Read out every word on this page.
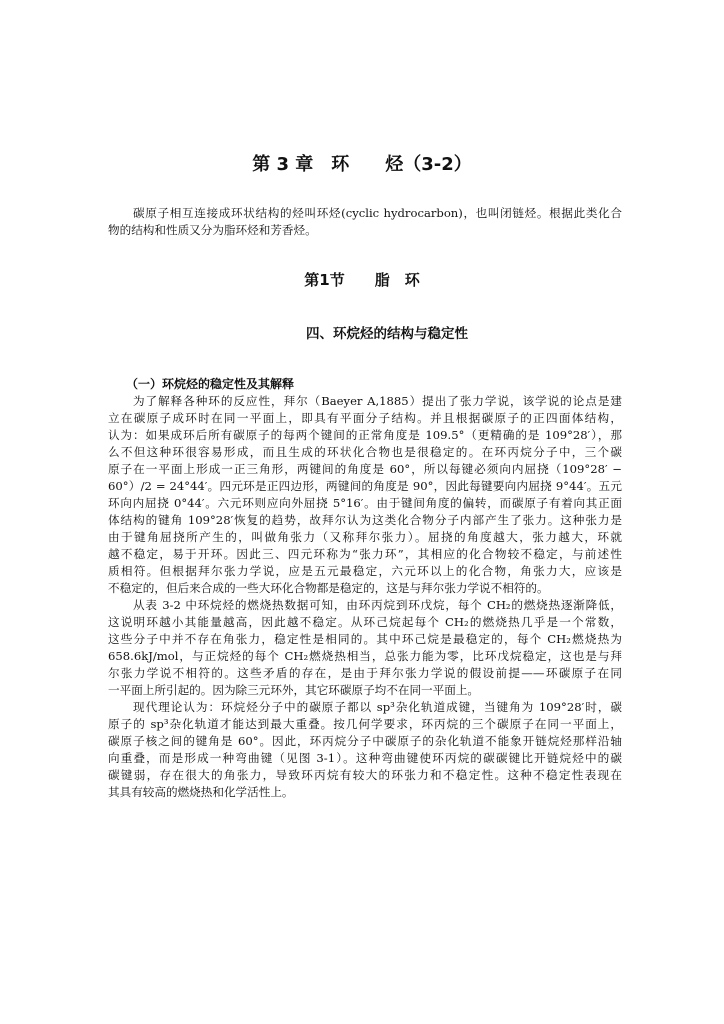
第 3 章　环　　烃（3-2）
碳原子相互连接成环状结构的烃叫环烃(cyclic hydrocarbon)，也叫闭链烃。根据此类化合
物的结构和性质又分为脂环烃和芳香烃。
第1节　　脂　环
四、环烷烃的结构与稳定性
（一）环烷烃的稳定性及其解释
为了解释各种环的反应性，拜尔（Baeyer A,1885）提出了张力学说，该学说的论点是建
立在碳原子成环时在同一平面上，即具有平面分子结构。并且根据碳原子的正四面体结构，
认为：如果成环后所有碳原子的每两个键间的正常角度是 109.5°（更精确的是 109°28′），那
么不但这种环很容易形成，而且生成的环状化合物也是很稳定的。在环丙烷分子中，三个碳
原子在一平面上形成一正三角形，两键间的角度是 60°，所以每键必须向内屈挠（109°28′ −
60°）/2 = 24°44′。四元环是正四边形，两键间的角度是 90°，因此每键要向内屈挠 9°44′。五元
环向内屈挠 0°44′。六元环则应向外屈挠 5°16′。由于键间角度的偏转，而碳原子有着向其正面
体结构的键角 109°28′恢复的趋势，故拜尔认为这类化合物分子内部产生了张力。这种张力是
由于键角屈挠所产生的，叫做角张力（又称拜尔张力）。屈挠的角度越大，张力越大，环就
越不稳定，易于开环。因此三、四元环称为“张力环”，其相应的化合物较不稳定，与前述性
质相符。但根据拜尔张力学说，应是五元最稳定，六元环以上的化合物，角张力大，应该是
不稳定的，但后来合成的一些大环化合物都是稳定的，这是与拜尔张力学说不相符的。
从表 3-2 中环烷烃的燃烧热数据可知，由环丙烷到环戊烷，每个 CH₂的燃烧热逐渐降低，
这说明环越小其能量越高，因此越不稳定。从环己烷起每个 CH₂的燃烧热几乎是一个常数，
这些分子中并不存在角张力，稳定性是相同的。其中环己烷是最稳定的，每个 CH₂燃烧热为
658.6kJ/mol，与正烷烃的每个 CH₂燃烧热相当，总张力能为零，比环戊烷稳定，这也是与拜
尔张力学说不相符的。这些矛盾的存在，是由于拜尔张力学说的假设前提——环碳原子在同
一平面上所引起的。因为除三元环外，其它环碳原子均不在同一平面上。
现代理论认为：环烷烃分子中的碳原子都以 sp³杂化轨道成键，当键角为 109°28′时，碳
原子的 sp³杂化轨道才能达到最大重叠。按几何学要求，环丙烷的三个碳原子在同一平面上，
碳原子核之间的键角是 60°。因此，环丙烷分子中碳原子的杂化轨道不能象开链烷烃那样沿轴
向重叠，而是形成一种弯曲键（见图 3-1）。这种弯曲键使环丙烷的碳碳键比开链烷烃中的碳
碳键弱，存在很大的角张力，导致环丙烷有较大的环张力和不稳定性。这种不稳定性表现在
其具有较高的燃烧热和化学活性上。
